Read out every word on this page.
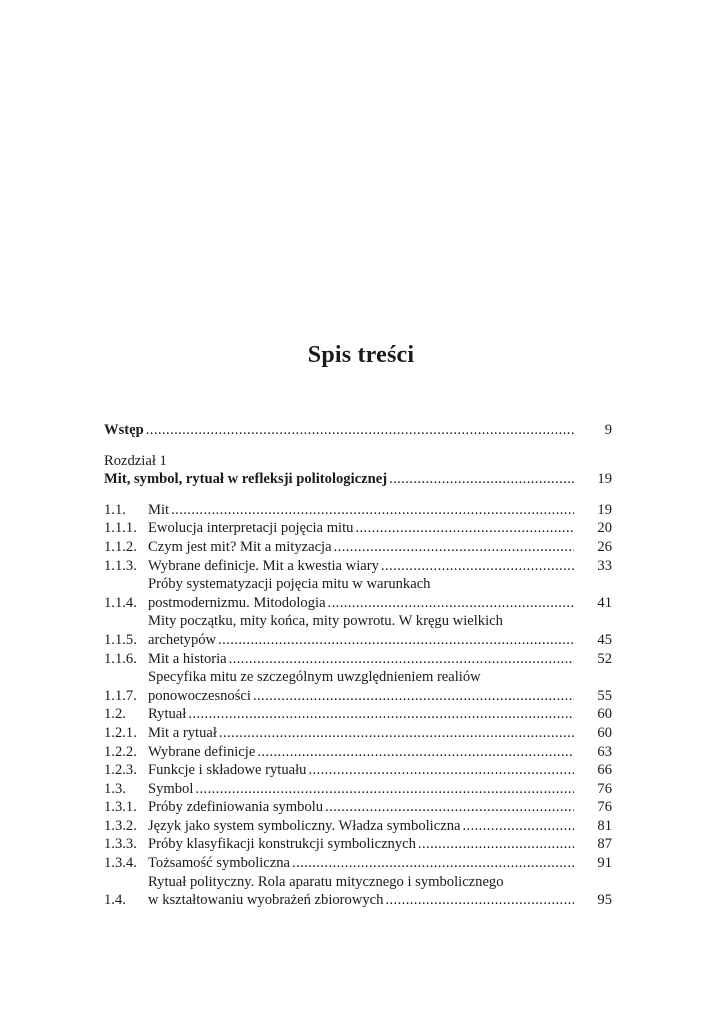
Spis treści
Wstęp .....	9
Rozdział 1
Mit, symbol, rytuał w refleksji politologicznej .....	19
1.1.	Mit .....	19
1.1.1. Ewolucja interpretacji pojęcia mitu .....	20
1.1.2. Czym jest mit? Mit a mityzacja .....	26
1.1.3. Wybrane definicje. Mit a kwestia wiary .....	33
1.1.4.
Próby systematyzacji pojęcia mitu w warunkach
postmodernizmu. Mitodologia .....	41
1.1.5.
Mity początku, mity końca, mity powrotu. W kręgu wielkich
archetypów .....	45
1.1.6. Mit a historia .....	52
1.1.7.
Specyfika mitu ze szczególnym uwzględnieniem realiów
ponowoczesności .....	55
1.2.	Rytuał .....	60
1.2.1. Mit a rytuał .....	60
1.2.2. Wybrane definicje .....	63
1.2.3. Funkcje i składowe rytuału .....	66
1.3.	Symbol .....	76
1.3.1. Próby zdefiniowania symbolu .....	76
1.3.2. Język jako system symboliczny. Władza symboliczna .....	81
1.3.3. Próby klasyfikacji konstrukcji symbolicznych .....	87
1.3.4. Tożsamość symboliczna .....	91
1.4.
Rytuał polityczny. Rola aparatu mitycznego i symbolicznego
w kształtowaniu wyobrażeń zbiorowych .....	95
